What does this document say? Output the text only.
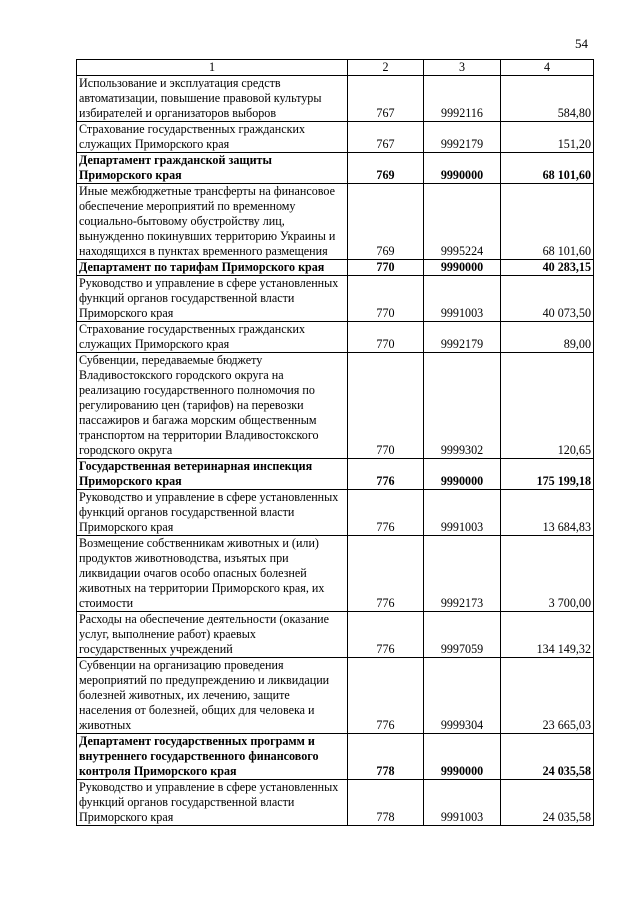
54
1	2	3	4
Использование и эксплуатация средств автоматизации, повышение правовой культуры избирателей и организаторов выборов	767	9992116	584,80
Страхование государственных гражданских служащих Приморского края	767	9992179	151,20
Департамент гражданской защиты Приморского края	769	9990000	68 101,60
Иные межбюджетные трансферты на финансовое обеспечение мероприятий по временному социально-бытовому обустройству лиц, вынужденно покинувших территорию Украины и находящихся в пунктах временного размещения	769	9995224	68 101,60
Департамент по тарифам Приморского края	770	9990000	40 283,15
Руководство и управление в сфере установленных функций органов государственной власти Приморского края	770	9991003	40 073,50
Страхование государственных гражданских служащих Приморского края	770	9992179	89,00
Субвенции, передаваемые бюджету Владивостокского городского округа на реализацию государственного полномочия по регулированию цен (тарифов) на перевозки пассажиров и багажа морским общественным транспортом на территории Владивостокского городского округа	770	9999302	120,65
Государственная ветеринарная инспекция Приморского края	776	9990000	175 199,18
Руководство и управление в сфере установленных функций органов государственной власти Приморского края	776	9991003	13 684,83
Возмещение собственникам животных и (или) продуктов животноводства, изъятых при ликвидации очагов особо опасных болезней животных на территории Приморского края, их стоимости	776	9992173	3 700,00
Расходы на обеспечение деятельности (оказание услуг, выполнение работ) краевых государственных учреждений	776	9997059	134 149,32
Субвенции на организацию проведения мероприятий по предупреждению и ликвидации болезней животных, их лечению, защите населения от болезней, общих для человека и животных	776	9999304	23 665,03
Департамент государственных программ и внутреннего государственного финансового контроля Приморского края	778	9990000	24 035,58
Руководство и управление в сфере установленных функций органов государственной власти Приморского края	778	9991003	24 035,58
